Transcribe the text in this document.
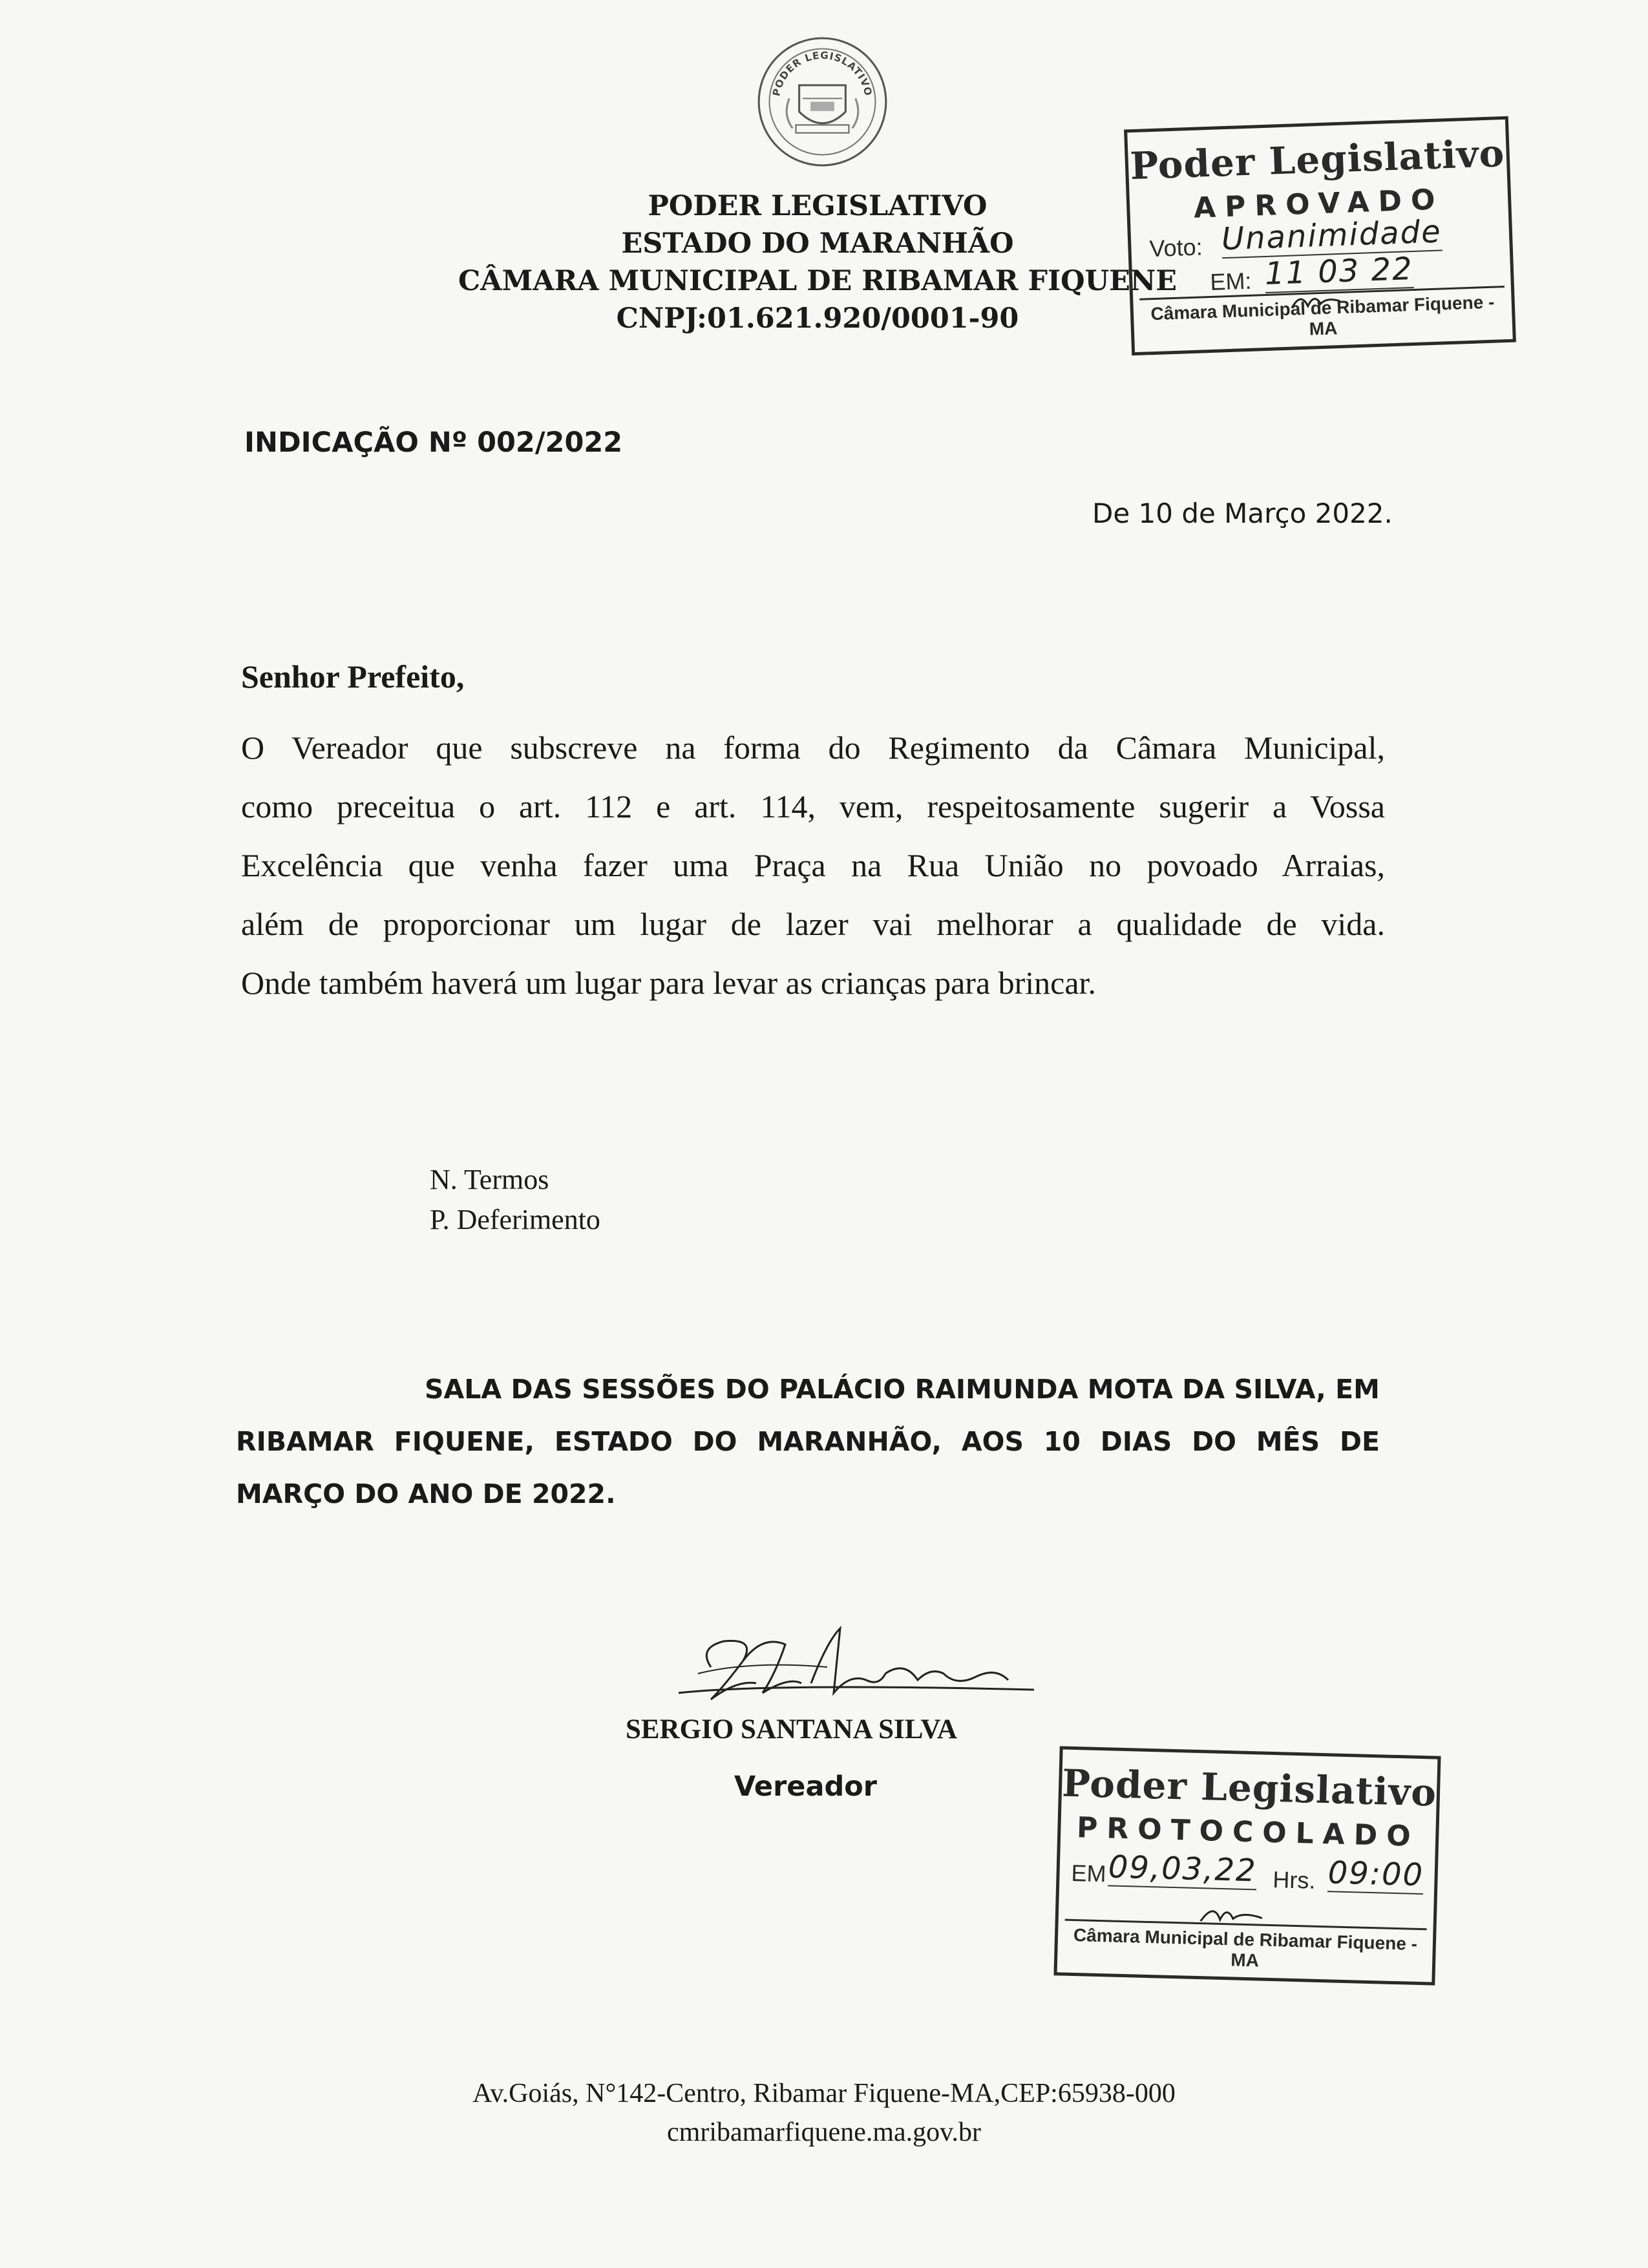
PODER LEGISLATIVO
PODER LEGISLATIVO
ESTADO DO MARANHÃO
CÂMARA MUNICIPAL DE RIBAMAR FIQUENE
CNPJ:01.621.920/0001-90
Poder Legislativo
APROVADO
Voto: Unanimidade
EM: 11 03 22
Câmara Municipal de Ribamar Fiquene - MA
INDICAÇÃO Nº 002/2022
De 10 de Março 2022.
Senhor Prefeito,
O Vereador que subscreve na forma do Regimento da Câmara Municipal,
como preceitua o art. 112 e art. 114, vem, respeitosamente sugerir a Vossa
Excelência que venha fazer uma Praça na Rua União no povoado Arraias,
além de proporcionar um lugar de lazer vai melhorar a qualidade de vida.
Onde também haverá um lugar para levar as crianças para brincar.
N. Termos
P. Deferimento
SALA DAS SESSÕES DO PALÁCIO RAIMUNDA MOTA DA SILVA, EM
RIBAMAR FIQUENE, ESTADO DO MARANHÃO, AOS 10 DIAS DO MÊS DE
MARÇO DO ANO DE 2022.
SERGIO SANTANA SILVA
Vereador	Poder Legislativo
PROTOCOLADO
EM 09,03,22 Hrs. 09:00
Câmara Municipal de Ribamar Fiquene - MA
Av.Goiás, N°142-Centro, Ribamar Fiquene-MA,CEP:65938-000
cmribamarfiquene.ma.gov.br
